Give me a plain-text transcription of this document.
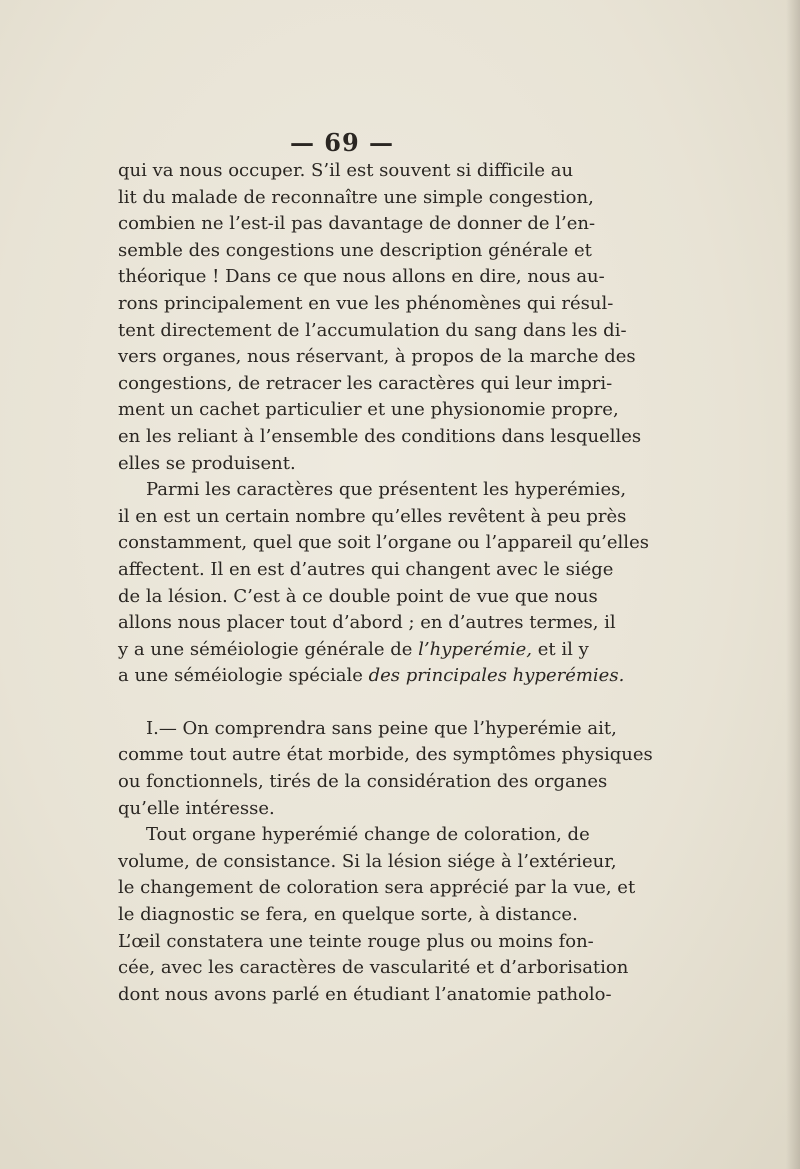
— 69 —
qui va nous occuper. S’il est souvent si difficile au
lit du malade de reconnaître une simple congestion,
combien ne l’est-il pas davantage de donner de l’en-
semble des congestions une description générale et
théorique ! Dans ce que nous allons en dire, nous au-
rons principalement en vue les phénomènes qui résul-
tent directement de l’accumulation du sang dans les di-
vers organes, nous réservant, à propos de la marche des
congestions, de retracer les caractères qui leur impri-
ment un cachet particulier et une physionomie propre,
en les reliant à l’ensemble des conditions dans lesquelles
elles se produisent.
Parmi les caractères que présentent les hyperémies,
il en est un certain nombre qu’elles revêtent à peu près
constamment, quel que soit l’organe ou l’appareil qu’elles
affectent. Il en est d’autres qui changent avec le siége
de la lésion. C’est à ce double point de vue que nous
allons nous placer tout d’abord ; en d’autres termes, il
y a une séméiologie générale de l’hyperémie, et il y
a une séméiologie spéciale des principales hyperémies.
I.— On comprendra sans peine que l’hyperémie ait,
comme tout autre état morbide, des symptômes physiques
ou fonctionnels, tirés de la considération des organes
qu’elle intéresse.
Tout organe hyperémié change de coloration, de
volume, de consistance. Si la lésion siége à l’extérieur,
le changement de coloration sera apprécié par la vue, et
le diagnostic se fera, en quelque sorte, à distance.
L’œil constatera une teinte rouge plus ou moins fon-
cée, avec les caractères de vascularité et d’arborisation
dont nous avons parlé en étudiant l’anatomie patholo-
